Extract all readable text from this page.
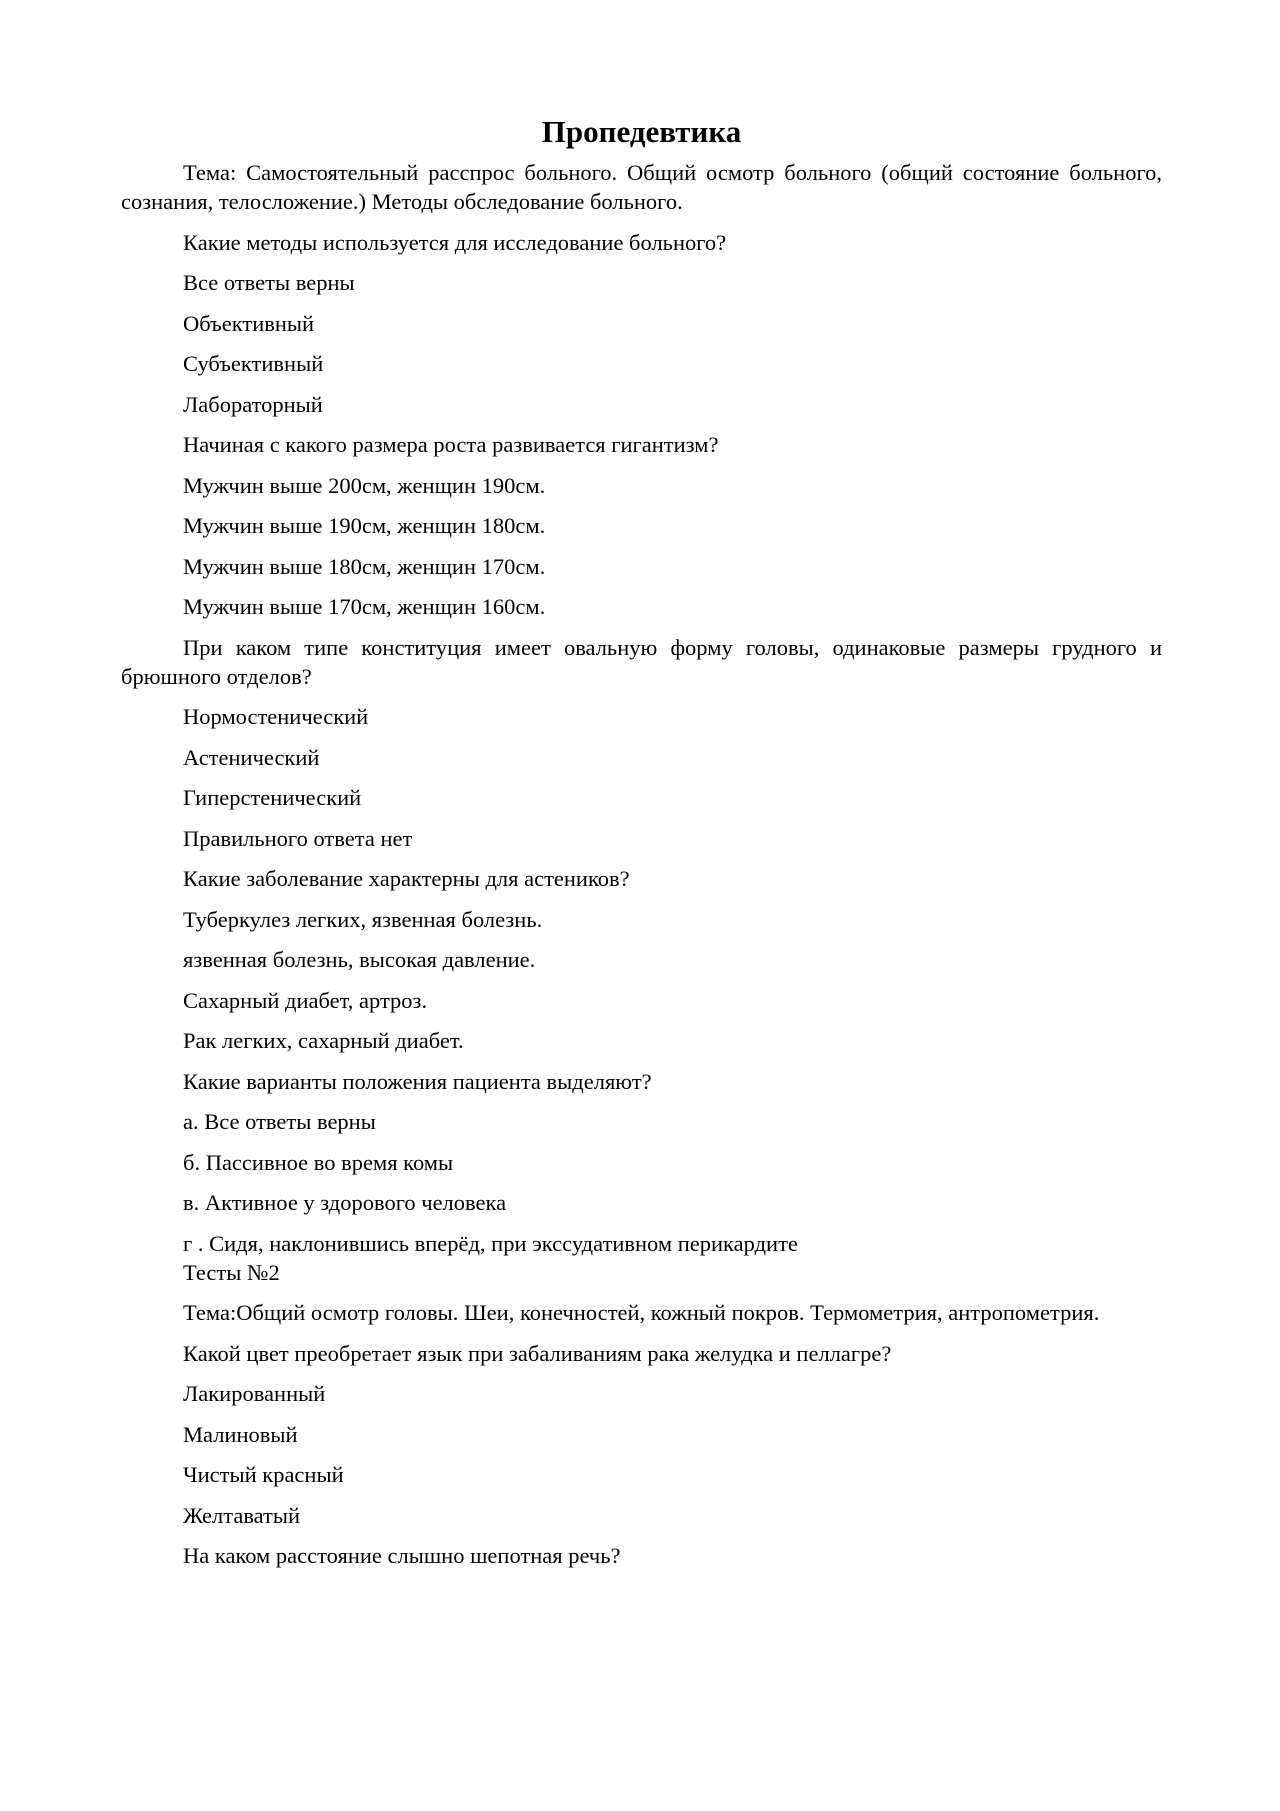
Пропедевтика

Тема: Самостоятельный расспрос больного. Общий осмотр больного (общий состояние больного, сознания, телосложение.) Методы обследование больного.

Какие методы используется для исследование больного?

Все ответы верны

Объективный

Субъективный

Лабораторный

Начиная с какого размера роста развивается гигантизм?

Мужчин выше 200см, женщин 190см.

Мужчин выше 190см, женщин 180см.

Мужчин выше 180см, женщин 170см.

Мужчин выше 170см, женщин 160см.

При каком типе конституция имеет овальную форму головы, одинаковые размеры грудного и брюшного отделов?

Нормостенический

Астенический

Гиперстенический

Правильного ответа нет

Какие заболевание характерны для астеников?

Туберкулез легких, язвенная болезнь.

язвенная болезнь, высокая давление.

Сахарный диабет, артроз.

Рак легких, сахарный диабет.

Какие варианты положения пациента выделяют?

а. Все ответы верны

б. Пассивное во время комы

в. Активное у здорового человека

г . Сидя, наклонившись вперёд, при экссудативном перикардите

Тесты №2

Тема:Общий осмотр головы. Шеи, конечностей, кожный покров. Термометрия, антропометрия.

Какой цвет преобретает язык при забаливаниям рака желудка и пеллагре?

Лакированный

Малиновый

Чистый красный

Желтаватый

На каком расстояние слышно шепотная речь?
